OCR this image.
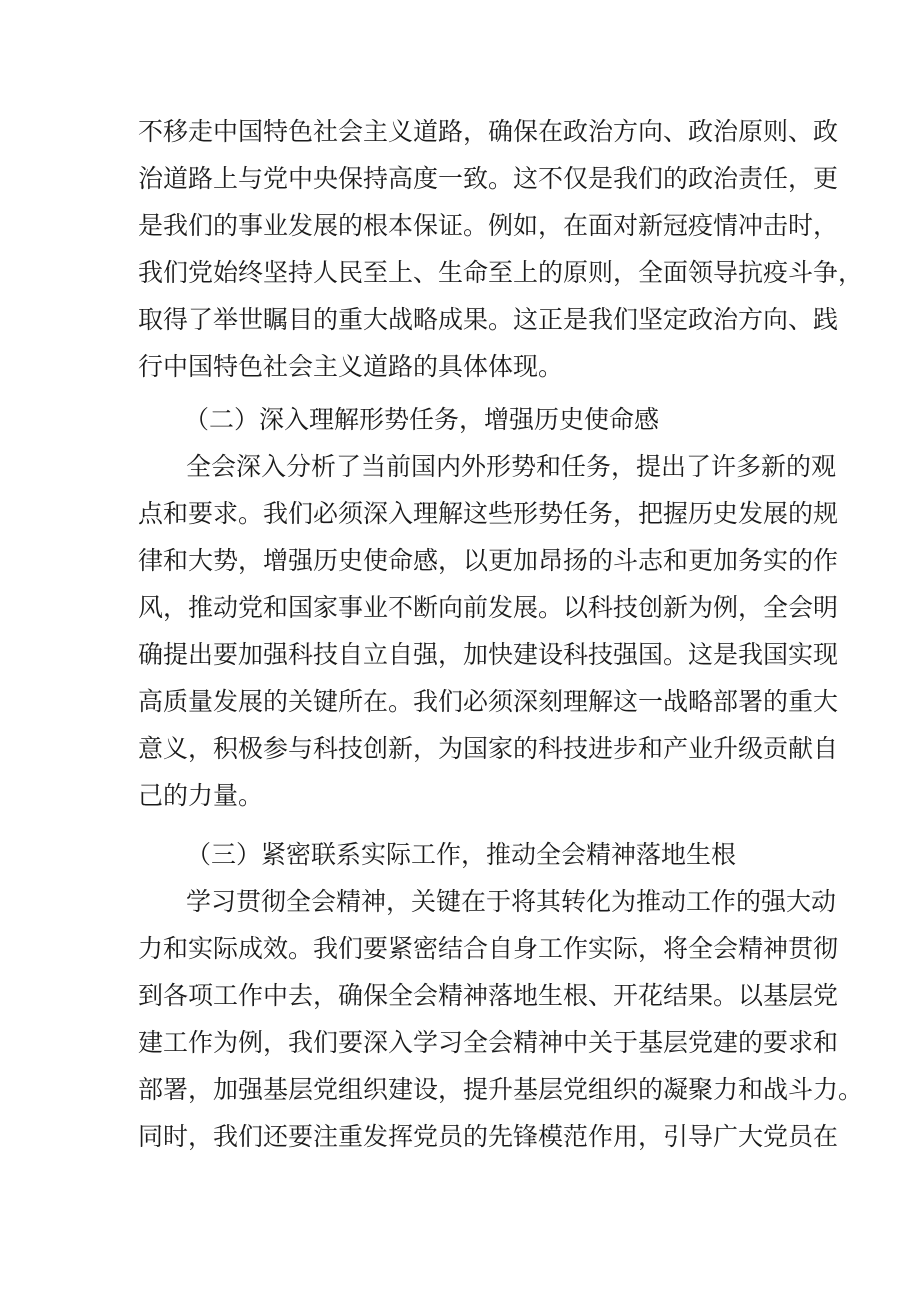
不移走中国特色社会主义道路，确保在政治方向、政治原则、政
治道路上与党中央保持高度一致。这不仅是我们的政治责任，更
是我们的事业发展的根本保证。例如，在面对新冠疫情冲击时，
我们党始终坚持人民至上、生命至上的原则，全面领导抗疫斗争，
取得了举世瞩目的重大战略成果。这正是我们坚定政治方向、践
行中国特色社会主义道路的具体体现。
（二）深入理解形势任务，增强历史使命感
全会深入分析了当前国内外形势和任务，提出了许多新的观
点和要求。我们必须深入理解这些形势任务，把握历史发展的规
律和大势，增强历史使命感，以更加昂扬的斗志和更加务实的作
风，推动党和国家事业不断向前发展。以科技创新为例，全会明
确提出要加强科技自立自强，加快建设科技强国。这是我国实现
高质量发展的关键所在。我们必须深刻理解这一战略部署的重大
意义，积极参与科技创新，为国家的科技进步和产业升级贡献自
己的力量。
（三）紧密联系实际工作，推动全会精神落地生根
学习贯彻全会精神，关键在于将其转化为推动工作的强大动
力和实际成效。我们要紧密结合自身工作实际，将全会精神贯彻
到各项工作中去，确保全会精神落地生根、开花结果。以基层党
建工作为例，我们要深入学习全会精神中关于基层党建的要求和
部署，加强基层党组织建设，提升基层党组织的凝聚力和战斗力。
同时，我们还要注重发挥党员的先锋模范作用，引导广大党员在
